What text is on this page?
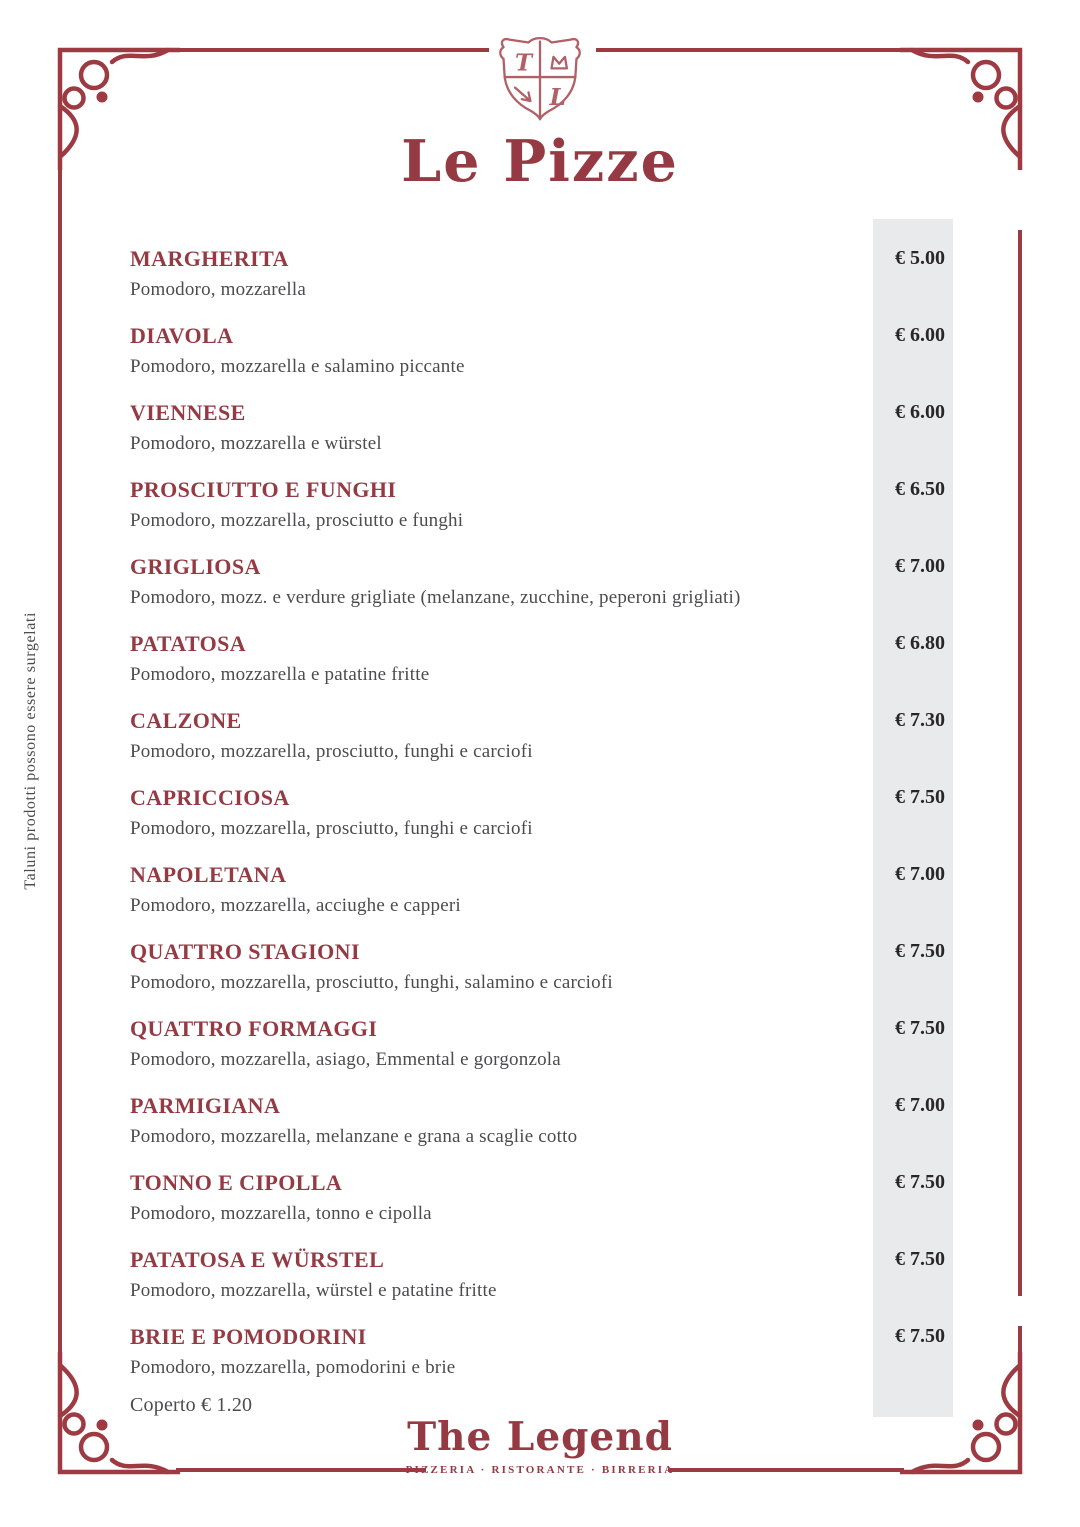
T
L
Le Pizze
Taluni prodotti possono essere surgelati
MARGHERITA
Pomodoro, mozzarella
€ 5.00
DIAVOLA
Pomodoro, mozzarella e salamino piccante
€ 6.00
VIENNESE
Pomodoro, mozzarella e würstel
€ 6.00
PROSCIUTTO E FUNGHI
Pomodoro, mozzarella, prosciutto e funghi
€ 6.50
GRIGLIOSA
Pomodoro, mozz. e verdure grigliate (melanzane, zucchine, peperoni grigliati)
€ 7.00
PATATOSA
Pomodoro, mozzarella e patatine fritte
€ 6.80
CALZONE
Pomodoro, mozzarella, prosciutto, funghi e carciofi
€ 7.30
CAPRICCIOSA
Pomodoro, mozzarella, prosciutto, funghi e carciofi
€ 7.50
NAPOLETANA
Pomodoro, mozzarella, acciughe e capperi
€ 7.00
QUATTRO STAGIONI
Pomodoro, mozzarella, prosciutto, funghi, salamino e carciofi
€ 7.50
QUATTRO FORMAGGI
Pomodoro, mozzarella, asiago, Emmental e gorgonzola
€ 7.50
PARMIGIANA
Pomodoro, mozzarella, melanzane e grana a scaglie cotto
€ 7.00
TONNO E CIPOLLA
Pomodoro, mozzarella, tonno e cipolla
€ 7.50
PATATOSA E WÜRSTEL
Pomodoro, mozzarella, würstel e patatine fritte
€ 7.50
BRIE E POMODORINI
Pomodoro, mozzarella, pomodorini e brie
€ 7.50
Coperto € 1.20
The Legend
PIZZERIA · RISTORANTE · BIRRERIA
